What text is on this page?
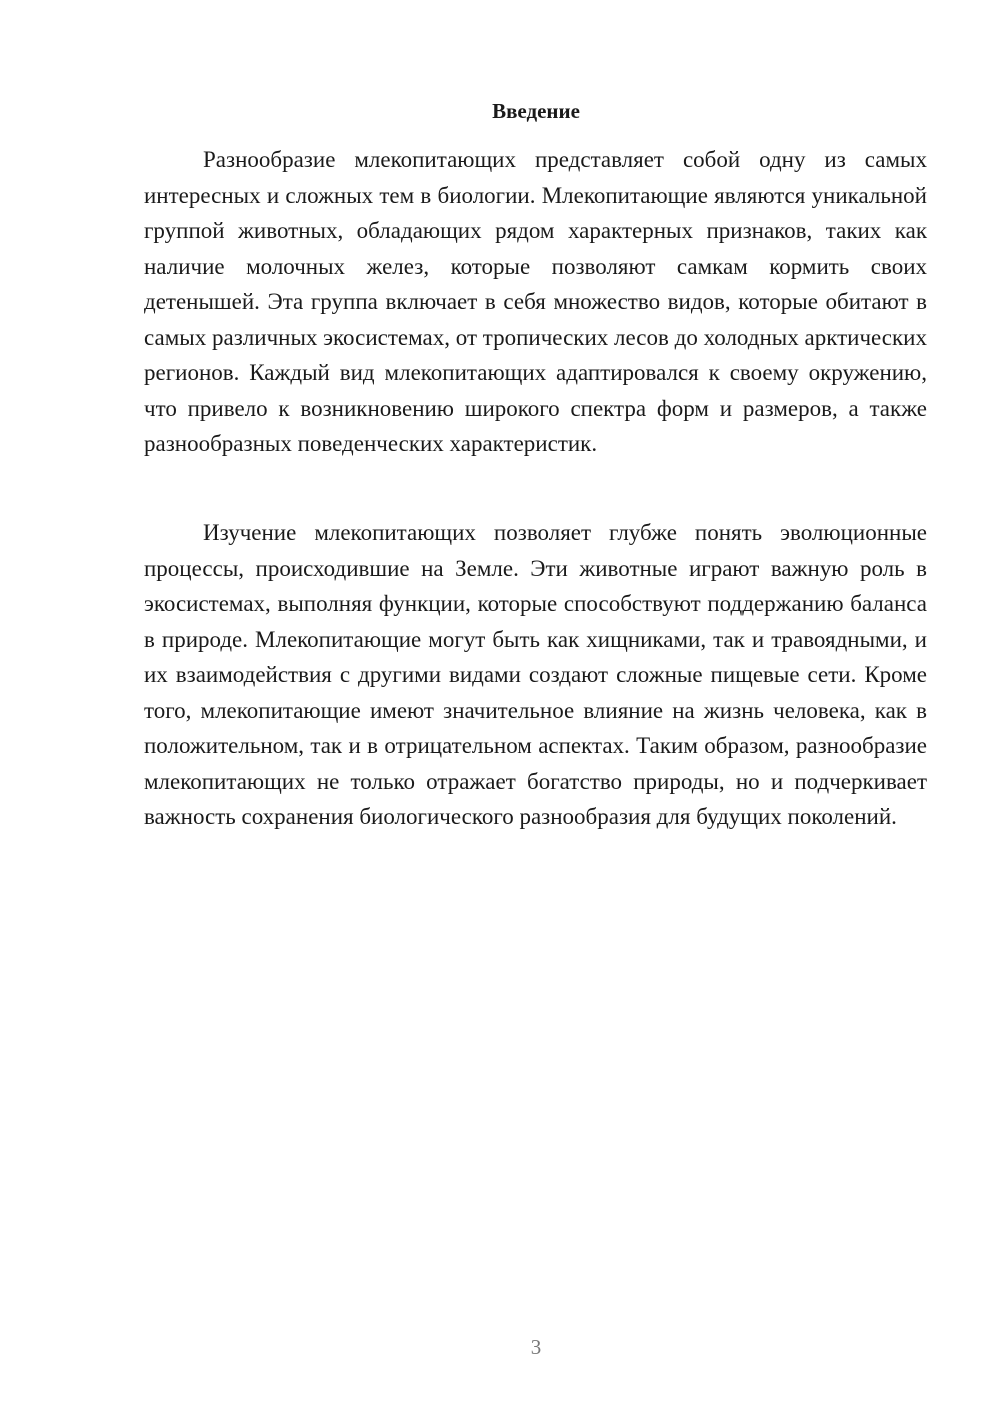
Введение

Разнообразие млекопитающих представляет собой одну из самых интересных и сложных тем в биологии. Млекопитающие являются уникальной группой животных, обладающих рядом характерных признаков, таких как наличие молочных желез, которые позволяют самкам кормить своих детенышей. Эта группа включает в себя множество видов, которые обитают в самых различных экосистемах, от тропических лесов до холодных арктических регионов. Каждый вид млекопитающих адаптировался к своему окружению, что привело к возникновению широкого спектра форм и размеров, а также разнообразных поведенческих характеристик.

Изучение млекопитающих позволяет глубже понять эволюционные процессы, происходившие на Земле. Эти животные играют важную роль в экосистемах, выполняя функции, которые способствуют поддержанию баланса в природе. Млекопитающие могут быть как хищниками, так и травоядными, и их взаимодействия с другими видами создают сложные пищевые сети. Кроме того, млекопитающие имеют значительное влияние на жизнь человека, как в положительном, так и в отрицательном аспектах. Таким образом, разнообразие млекопитающих не только отражает богатство природы, но и подчеркивает важность сохранения биологического разнообразия для будущих поколений.

3
